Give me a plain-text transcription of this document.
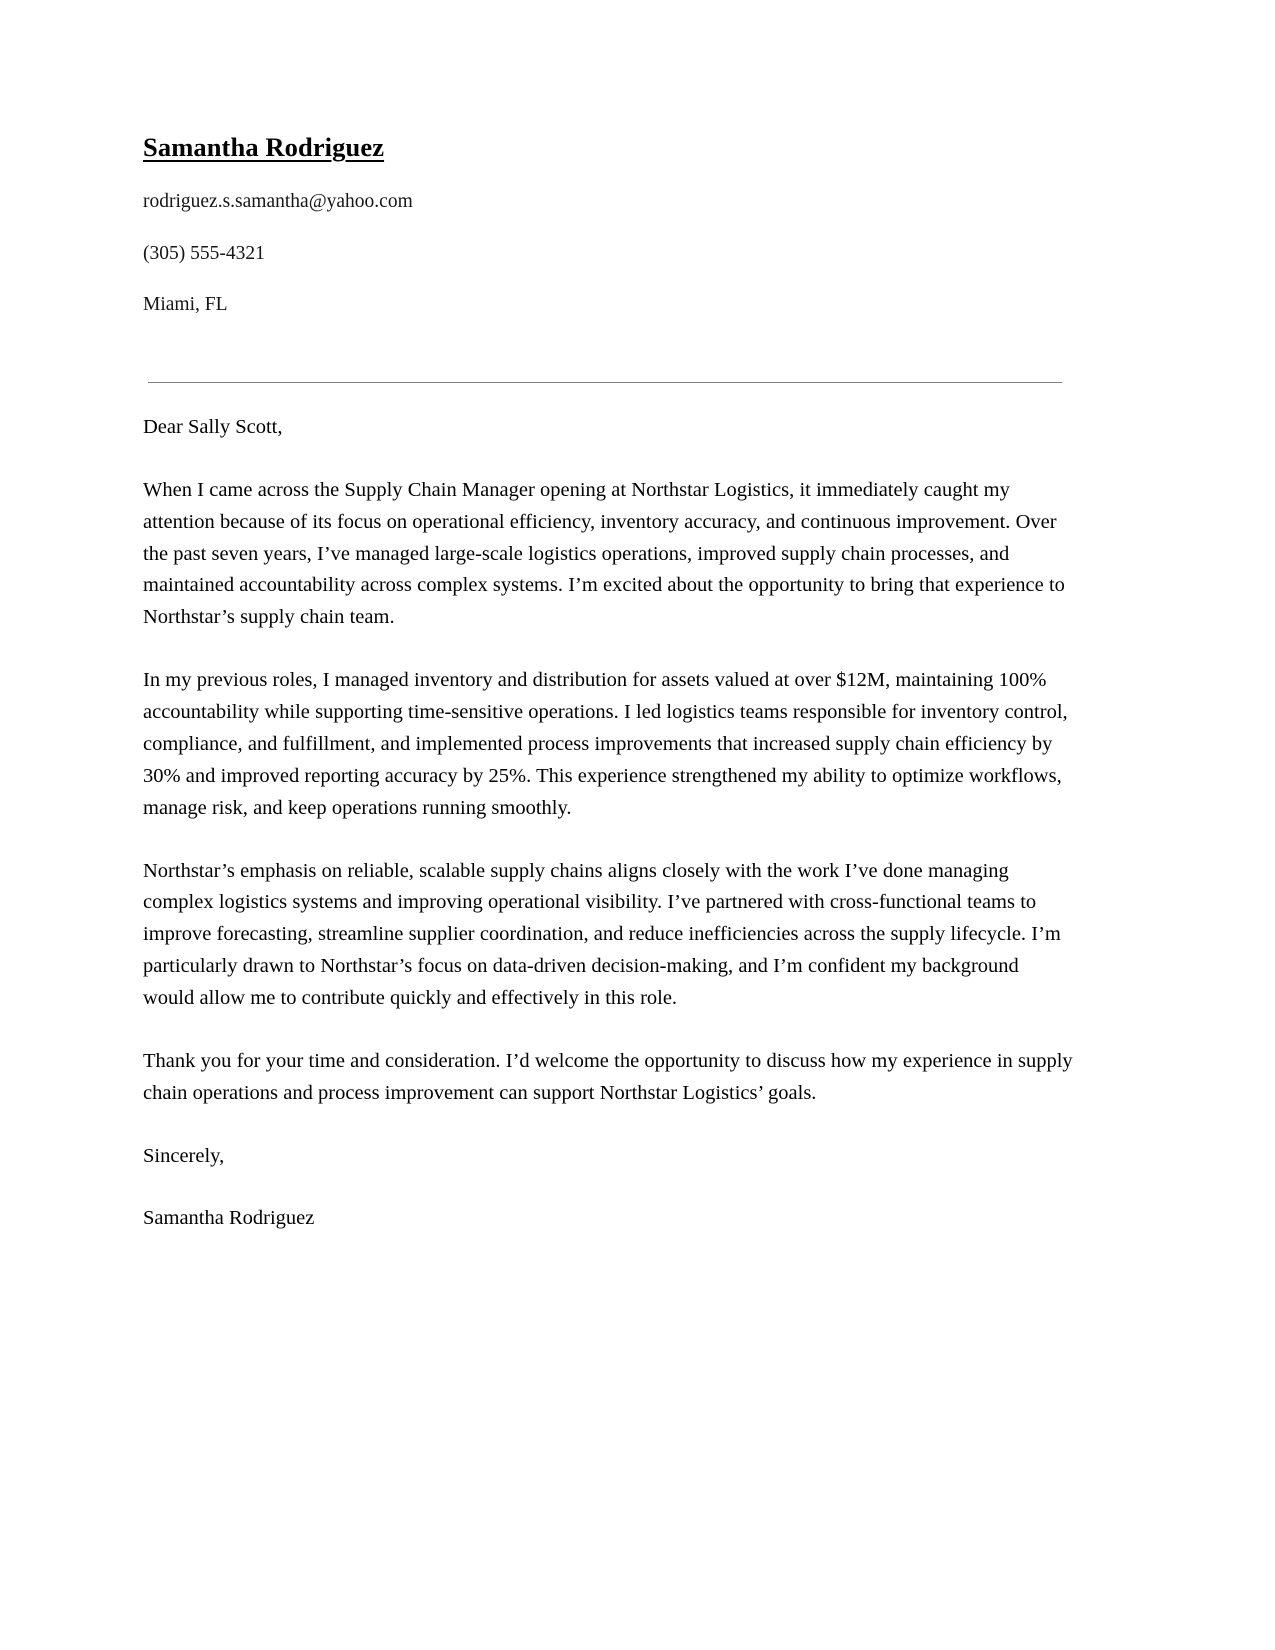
Samantha Rodriguez

rodriguez.s.samantha@yahoo.com

(305) 555-4321

Miami, FL

Dear Sally Scott,

When I came across the Supply Chain Manager opening at Northstar Logistics, it immediately caught my attention because of its focus on operational efficiency, inventory accuracy, and continuous improvement. Over the past seven years, I’ve managed large-scale logistics operations, improved supply chain processes, and maintained accountability across complex systems. I’m excited about the opportunity to bring that experience to Northstar’s supply chain team.

In my previous roles, I managed inventory and distribution for assets valued at over $12M, maintaining 100% accountability while supporting time-sensitive operations. I led logistics teams responsible for inventory control, compliance, and fulfillment, and implemented process improvements that increased supply chain efficiency by 30% and improved reporting accuracy by 25%. This experience strengthened my ability to optimize workflows, manage risk, and keep operations running smoothly.

Northstar’s emphasis on reliable, scalable supply chains aligns closely with the work I’ve done managing complex logistics systems and improving operational visibility. I’ve partnered with cross-functional teams to improve forecasting, streamline supplier coordination, and reduce inefficiencies across the supply lifecycle. I’m particularly drawn to Northstar’s focus on data-driven decision-making, and I’m confident my background would allow me to contribute quickly and effectively in this role.

Thank you for your time and consideration. I’d welcome the opportunity to discuss how my experience in supply chain operations and process improvement can support Northstar Logistics’ goals.

Sincerely,

Samantha Rodriguez
